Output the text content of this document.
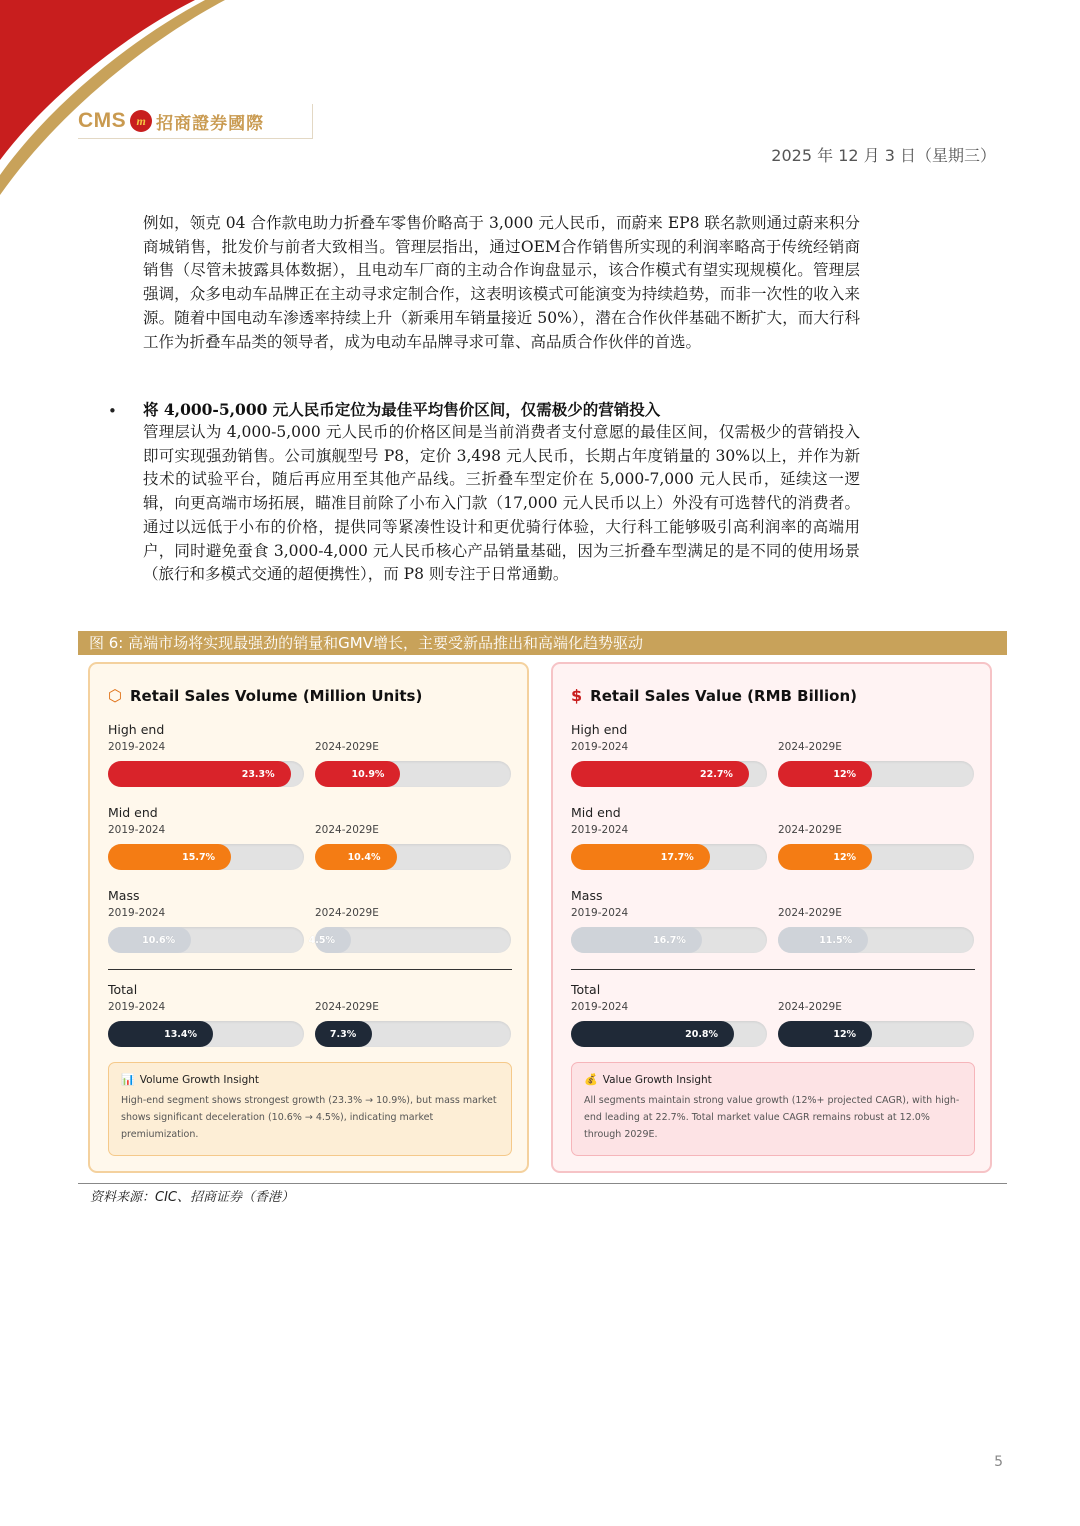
CMS m 招商證券國際
2025 年 12 月 3 日（星期三）

例如，领克 04 合作款电助力折叠车零售价略高于 3,000 元人民币，而蔚来 EP8 联名款则通过蔚来积分商城销售，批发价与前者大致相当。管理层指出，通过OEM合作销售所实现的利润率略高于传统经销商销售（尽管未披露具体数据），且电动车厂商的主动合作询盘显示，该合作模式有望实现规模化。管理层强调，众多电动车品牌正在主动寻求定制合作，这表明该模式可能演变为持续趋势，而非一次性的收入来源。随着中国电动车渗透率持续上升（新乘用车销量接近 50%），潜在合作伙伴基础不断扩大，而大行科工作为折叠车品类的领导者，成为电动车品牌寻求可靠、高品质合作伙伴的首选。

• 将 4,000-5,000 元人民币定位为最佳平均售价区间，仅需极少的营销投入

管理层认为 4,000-5,000 元人民币的价格区间是当前消费者支付意愿的最佳区间，仅需极少的营销投入即可实现强劲销售。公司旗舰型号 P8，定价 3,498 元人民币，长期占年度销量的 30%以上，并作为新技术的试验平台，随后再应用至其他产品线。三折叠车型定价在 5,000-7,000 元人民币，延续这一逻辑，向更高端市场拓展，瞄准目前除了小布入门款（17,000 元人民币以上）外没有可选替代的消费者。通过以远低于小布的价格，提供同等紧凑性设计和更优骑行体验，大行科工能够吸引高利润率的高端用户，同时避免蚕食 3,000-4,000 元人民币核心产品销量基础，因为三折叠车型满足的是不同的使用场景（旅行和多模式交通的超便携性），而 P8 则专注于日常通勤。

图 6: 高端市场将实现最强劲的销量和GMV增长，主要受新品推出和高端化趋势驱动
⬡ Retail Sales Volume (Million Units)
📊 Volume Growth Insight
High-end segment shows strongest growth (23.3% → 10.9%), but mass market shows significant deceleration (10.6% → 4.5%), indicating market premiumization.
High end
2019-2024	2024-2029E
23.3%	10.9%
Mid end
2019-2024	2024-2029E
15.7%	10.4%
Mass
2019-2024	2024-2029E
10.6%	4.5%
Total
2019-2024	2024-2029E
13.4%	7.3%
$ Retail Sales Value (RMB Billion)
💰 Value Growth Insight
All segments maintain strong value growth (12%+ projected CAGR), with high-end leading at 22.7%. Total market value CAGR remains robust at 12.0% through 2029E.
High end
2019-2024	2024-2029E
22.7%	12%
Mid end
2019-2024	2024-2029E
17.7%	12%
Mass
2019-2024	2024-2029E
16.7%	11.5%
Total
2019-2024	2024-2029E
20.8%	12%
资料来源：CIC、招商证券（香港）
5
